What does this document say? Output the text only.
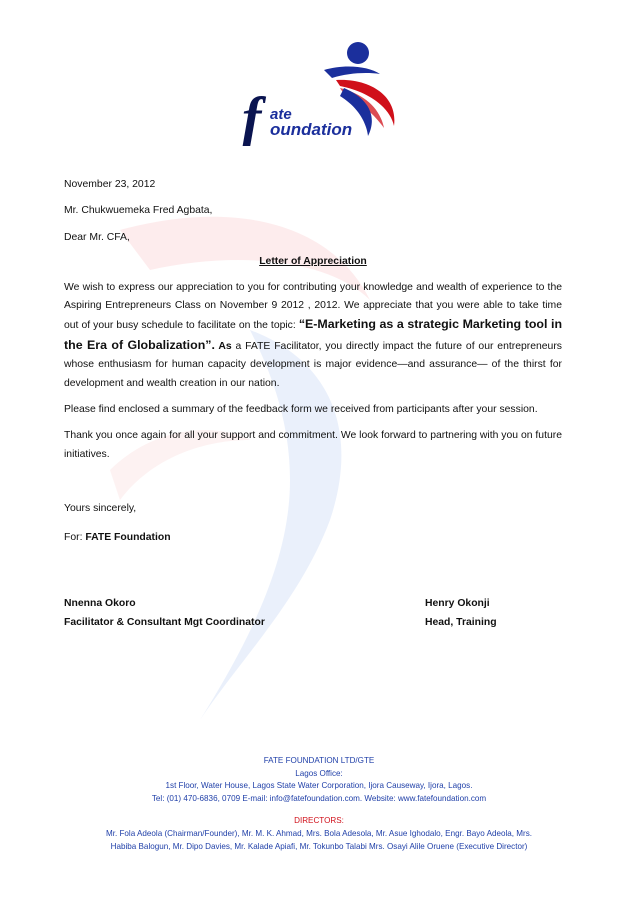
f ate
oundation

November 23, 2012

Mr. Chukwuemeka Fred Agbata,

Dear Mr. CFA,

Letter of Appreciation

We wish to express our appreciation to you for contributing your knowledge and wealth of experience to the Aspiring Entrepreneurs Class on November 9 2012 , 2012. We appreciate that you were able to take time out of your busy schedule to facilitate on the topic: “E-Marketing as a strategic Marketing tool in the Era of Globalization”. As a FATE Facilitator, you directly impact the future of our entrepreneurs whose enthusiasm for human capacity development is major evidence—and assurance— of the thirst for development and wealth creation in our nation.

Please find enclosed a summary of the feedback form we received from participants after your session.

Thank you once again for all your support and commitment. We look forward to partnering with you on future initiatives.

Yours sincerely,

For: FATE Foundation

Nnenna Okoro
Facilitator & Consultant Mgt Coordinator
Henry Okonji
Head, Training
FATE FOUNDATION LTD/GTE
Lagos Office:
1st Floor, Water House, Lagos State Water Corporation, Ijora Causeway, Ijora, Lagos.
Tel: (01) 470-6836, 0709 E-mail: info@fatefoundation.com. Website: www.fatefoundation.com
DIRECTORS:
Mr. Fola Adeola (Chairman/Founder), Mr. M. K. Ahmad, Mrs. Bola Adesola, Mr. Asue Ighodalo, Engr. Bayo Adeola, Mrs.
Habiba Balogun, Mr. Dipo Davies, Mr. Kalade Apiafi, Mr. Tokunbo Talabi Mrs. Osayi Alile Oruene (Executive Director)
